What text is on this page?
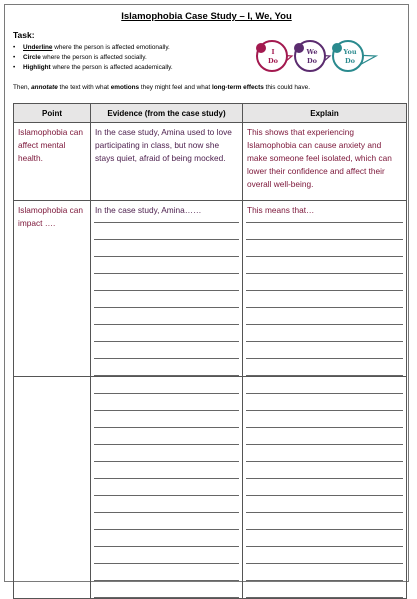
Islamophobia Case Study – I, We, You
Task:
• Underline where the person is affected emotionally.
• Circle where the person is affected socially.
• Highlight where the person is affected academically.
Then, annotate the text with what emotions they might feel and what long-term effects this could have.
I
Do
We
Do
You
Do
Point	Evidence (from the case study)	Explain

Islamophobia can affect mental health.	In the case study, Amina used to love participating in class, but now she stays quiet, afraid of being mocked.	This shows that experiencing Islamophobia can cause anxiety and make someone feel isolated, which can lower their confidence and affect their overall well-being.

Islamophobia can impact ….	In the case study, Amina……	This means that…
